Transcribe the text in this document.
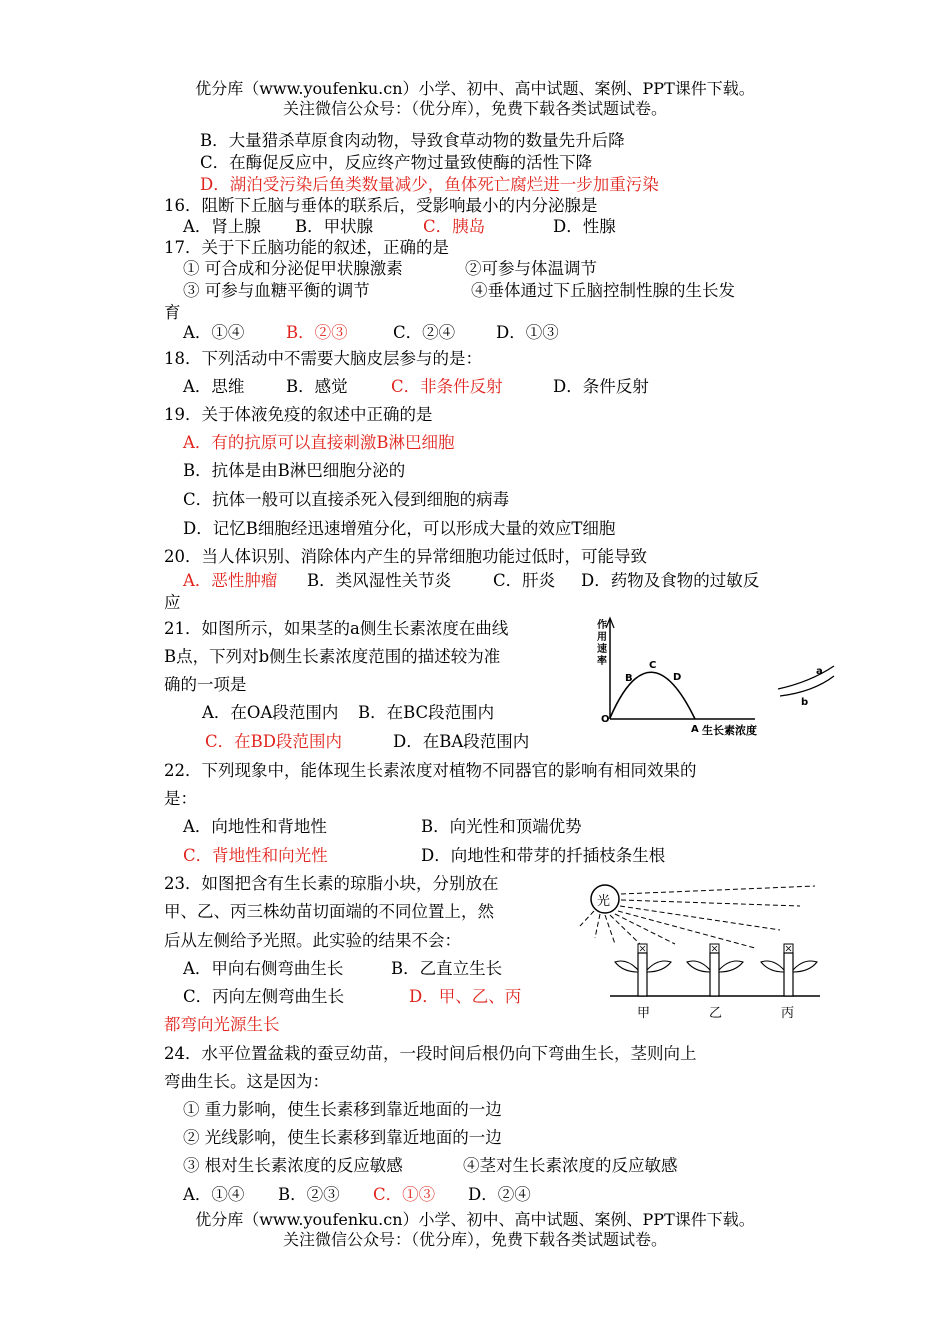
优分库（www.youfenku.cn）小学、初中、高中试题、案例、PPT课件下载。
关注微信公众号：（优分库），免费下载各类试题试卷。
B．大量猎杀草原食肉动物，导致食草动物的数量先升后降
C．在酶促反应中，反应终产物过量致使酶的活性下降
D．湖泊受污染后鱼类数量减少，鱼体死亡腐烂进一步加重污染
16．阻断下丘脑与垂体的联系后，受影响最小的内分泌腺是
A．肾上腺 B．甲状腺	C．胰岛	D．性腺
17．关于下丘脑功能的叙述，正确的是
① 可合成和分泌促甲状腺激素	②可参与体温调节
③ 可参与血糖平衡的调节	④垂体通过下丘脑控制性腺的生长发
育
A．①④	B．②③	C．②④ D．①③
18．下列活动中不需要大脑皮层参与的是：
A．思维	B．感觉	C．非条件反射	D．条件反射
19．关于体液免疫的叙述中正确的是
A．有的抗原可以直接刺激B淋巴细胞
B．抗体是由B淋巴细胞分泌的
C．抗体一般可以直接杀死入侵到细胞的病毒
D．记忆B细胞经迅速增殖分化，可以形成大量的效应T细胞
20．当人体识别、消除体内产生的异常细胞功能过低时，可能导致
A．恶性肿瘤 B．类风湿性关节炎	C．肝炎 D．药物及食物的过敏反
应
21．如图所示，如果茎的a侧生长素浓度在曲线
B点，下列对b侧生长素浓度范围的描述较为准
确的一项是
A．在OA段范围内 B．在BC段范围内
C．在BD段范围内	D．在BA段范围内
作
用
速
率
O
A
B
C
D
生长素浓度
a
b
22．下列现象中，能体现生长素浓度对植物不同器官的影响有相同效果的
是：
A．向地性和背地性	B．向光性和顶端优势
C．背地性和向光性	D．向地性和带芽的扦插枝条生根
23．如图把含有生长素的琼脂小块，分别放在
甲、乙、丙三株幼苗切面端的不同位置上，然
后从左侧给予光照。此实验的结果不会：
A．甲向右侧弯曲生长	B．乙直立生长
C．丙向左侧弯曲生长	D．甲、乙、丙
都弯向光源生长
光
甲	乙	丙
24．水平位置盆栽的蚕豆幼苗，一段时间后根仍向下弯曲生长，茎则向上
弯曲生长。这是因为：
① 重力影响，使生长素移到靠近地面的一边
② 光线影响，使生长素移到靠近地面的一边
③ 根对生长素浓度的反应敏感	④茎对生长素浓度的反应敏感
A．①④ B．②③ C．①③ D．②④
优分库（www.youfenku.cn）小学、初中、高中试题、案例、PPT课件下载。
关注微信公众号：（优分库），免费下载各类试题试卷。
